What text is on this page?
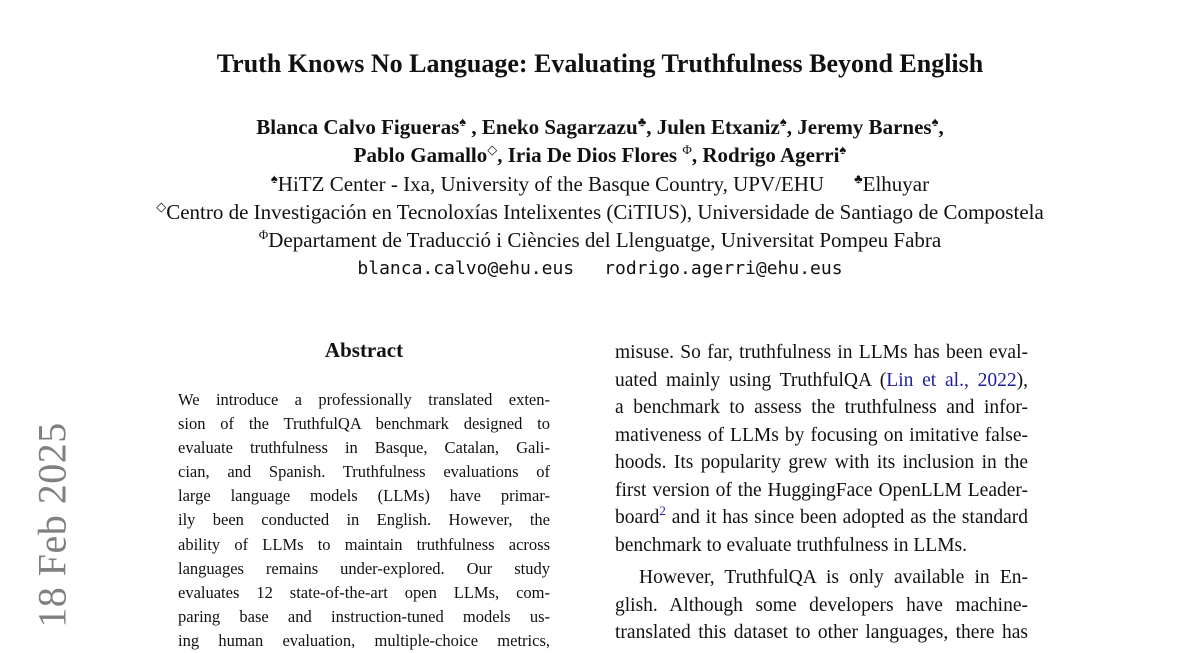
Truth Knows No Language: Evaluating Truthfulness Beyond English
Blanca Calvo Figueras♠ , Eneko Sagarzazu♣, Julen Etxaniz♠, Jeremy Barnes♠,
Pablo Gamallo◇, Iria De Dios Flores $^\Phi$, Rodrigo Agerri♠
♠HiTZ Center - Ixa, University of the Basque Country, UPV/EHU ♣Elhuyar
◇Centro de Investigación en Tecnoloxías Intelixentes (CiTIUS), Universidade de Santiago de Compostela
$^\Phi$Departament de Traducció i Ciències del Llenguatge, Universitat Pompeu Fabra
blanca.calvo@ehu.eus rodrigo.agerri@ehu.eus
18 Feb 2025
Abstract
We introduce a professionally translated exten-
sion of the TruthfulQA benchmark designed to
evaluate truthfulness in Basque, Catalan, Gali-
cian, and Spanish. Truthfulness evaluations of
large language models (LLMs) have primar-
ily been conducted in English. However, the
ability of LLMs to maintain truthfulness across
languages remains under-explored. Our study
evaluates 12 state-of-the-art open LLMs, com-
paring base and instruction-tuned models us-
ing human evaluation, multiple-choice metrics,
misuse. So far, truthfulness in LLMs has been eval-
uated mainly using TruthfulQA (Lin et al., 2022),
a benchmark to assess the truthfulness and infor-
mativeness of LLMs by focusing on imitative false-
hoods. Its popularity grew with its inclusion in the
first version of the HuggingFace OpenLLM Leader-
board$^2$ and it has since been adopted as the standard
benchmark to evaluate truthfulness in LLMs.
However, TruthfulQA is only available in En-
glish. Although some developers have machine-
translated this dataset to other languages, there has
